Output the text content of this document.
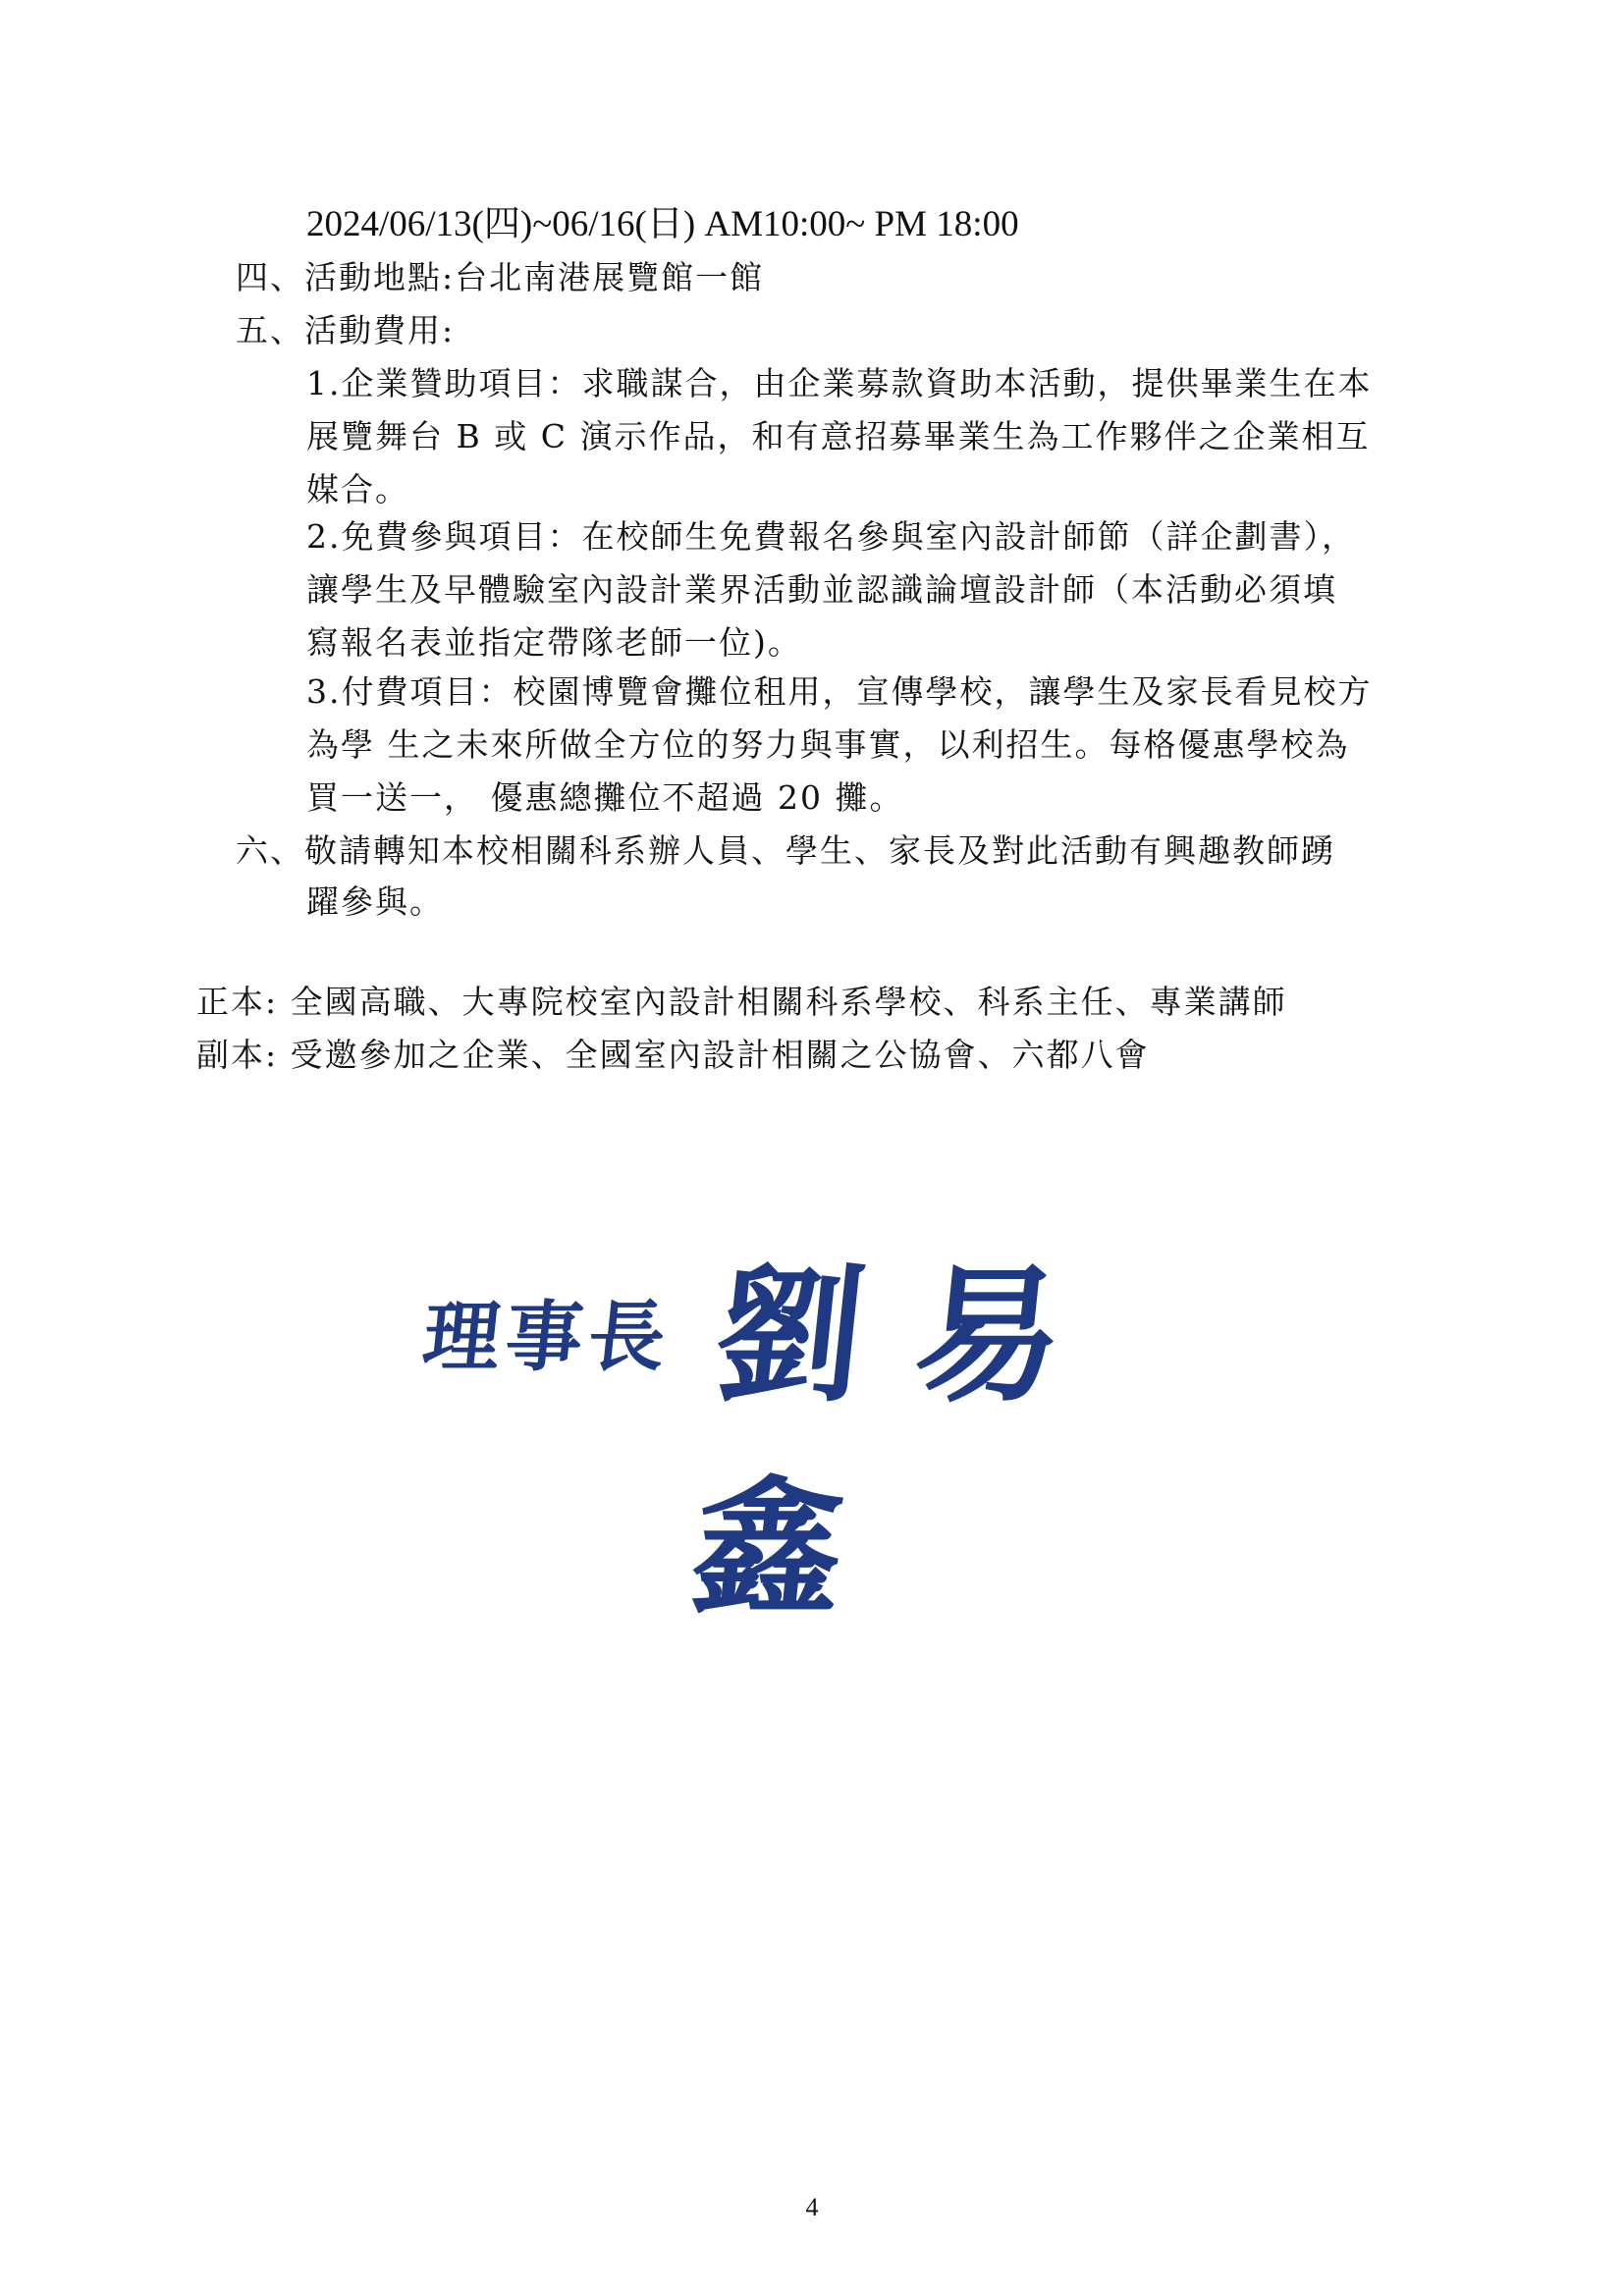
2024/06/13(四)~06/16(日) AM10:00~ PM 18:00
四、活動地點:台北南港展覽館一館
五、活動費用:
1.企業贊助項目：求職謀合，由企業募款資助本活動，提供畢業生在本
展覽舞台 B 或 C 演示作品，和有意招募畢業生為工作夥伴之企業相互
媒合。
2.免費參與項目：在校師生免費報名參與室內設計師節（詳企劃書），
讓學生及早體驗室內設計業界活動並認識論壇設計師（本活動必須填
寫報名表並指定帶隊老師一位)。
3.付費項目：校園博覽會攤位租用，宣傳學校，讓學生及家長看見校方
為學 生之未來所做全方位的努力與事實，以利招生。每格優惠學校為
買一送一， 優惠總攤位不超過 20 攤。
六、敬請轉知本校相關科系辦人員、學生、家長及對此活動有興趣教師踴
躍參與。
正本: 全國高職、大專院校室內設計相關科系學校、科系主任、專業講師
副本: 受邀參加之企業、全國室內設計相關之公協會、六都八會
理事長 劉易鑫
4
